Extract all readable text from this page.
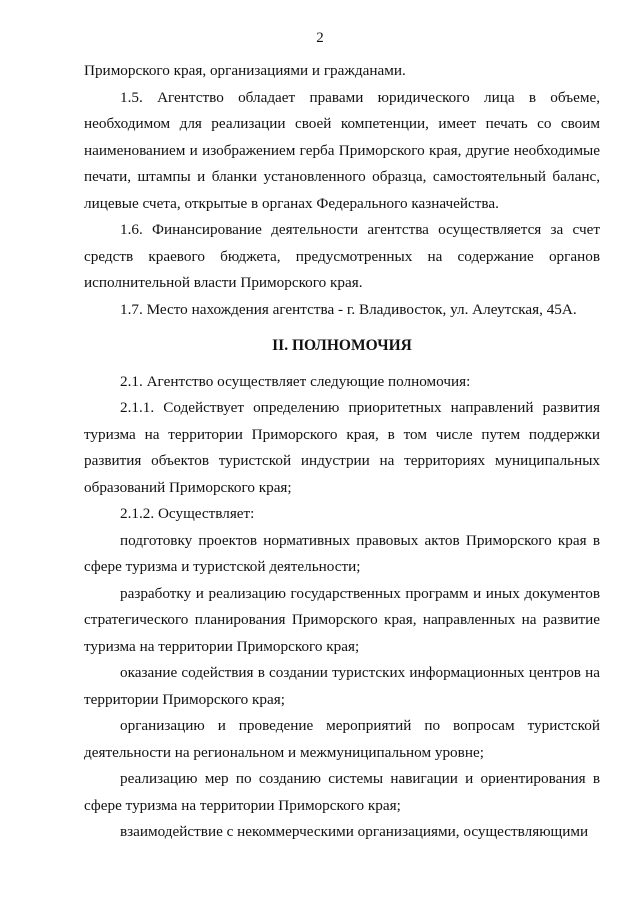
2

Приморского края, организациями и гражданами.

1.5. Агентство обладает правами юридического лица в объеме, необходимом для реализации своей компетенции, имеет печать со своим наименованием и изображением герба Приморского края, другие необходимые печати, штампы и бланки установленного образца, самостоятельный баланс, лицевые счета, открытые в органах Федерального казначейства.

1.6. Финансирование деятельности агентства осуществляется за счет средств краевого бюджета, предусмотренных на содержание органов исполнительной власти Приморского края.

1.7. Место нахождения агентства - г. Владивосток, ул. Алеутская, 45А.

II. ПОЛНОМОЧИЯ

2.1. Агентство осуществляет следующие полномочия:

2.1.1. Содействует определению приоритетных направлений развития туризма на территории Приморского края, в том числе путем поддержки развития объектов туристской индустрии на территориях муниципальных образований Приморского края;

2.1.2. Осуществляет:

подготовку проектов нормативных правовых актов Приморского края в сфере туризма и туристской деятельности;

разработку и реализацию государственных программ и иных документов стратегического планирования Приморского края, направленных на развитие туризма на территории Приморского края;

оказание содействия в создании туристских информационных центров на территории Приморского края;

организацию и проведение мероприятий по вопросам туристской деятельности на региональном и межмуниципальном уровне;

реализацию мер по созданию системы навигации и ориентирования в сфере туризма на территории Приморского края;

взаимодействие с некоммерческими организациями, осуществляющими
